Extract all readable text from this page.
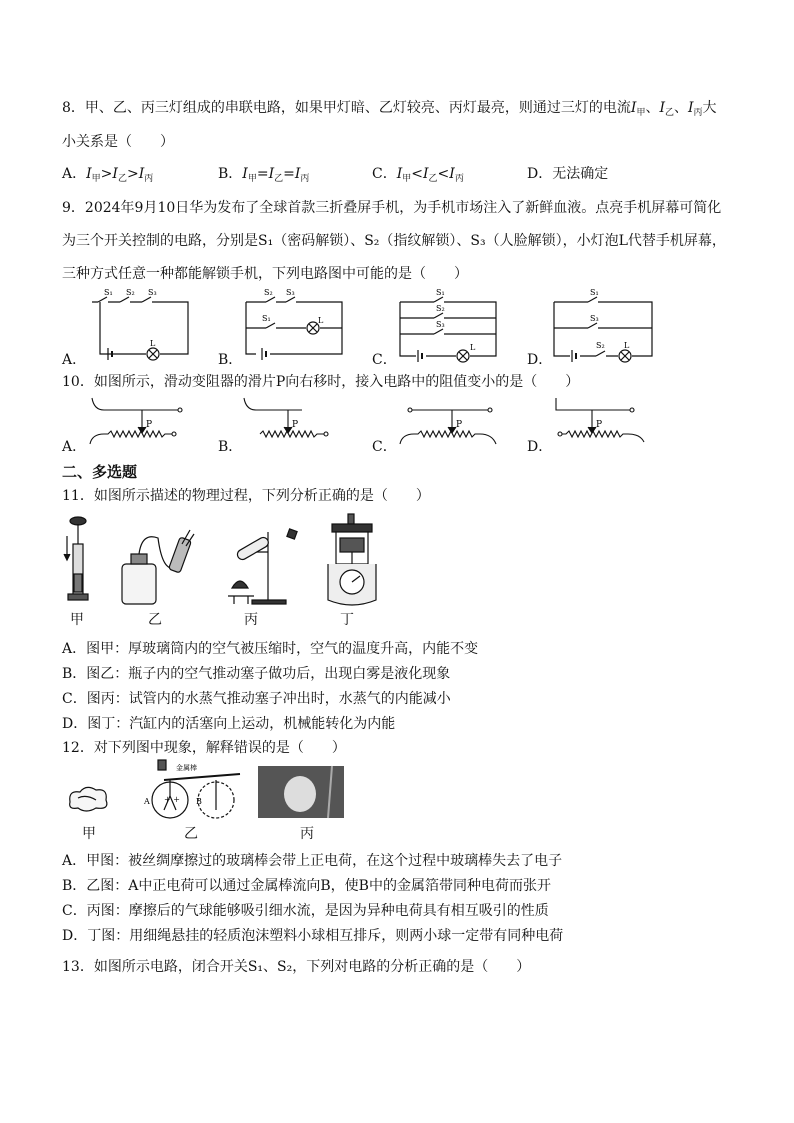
8．甲、乙、丙三灯组成的串联电路，如果甲灯暗、乙灯较亮、丙灯最亮，则通过三灯的电流$I_甲$、$I_乙$、$I_丙$大
小关系是（　　）
A．$I_甲>I_乙>I_丙$	B．$I_甲=I_乙=I_丙$	C．$I_甲<I_乙<I_丙$	D．无法确定
9．2024年9月10日华为发布了全球首款三折叠屏手机，为手机市场注入了新鲜血液。点亮手机屏幕可简化
为三个开关控制的电路，分别是S₁（密码解锁）、S₂（指纹解锁）、S₃（人脸解锁），小灯泡L代替手机屏幕，
三种方式任意一种都能解锁手机，下列电路图中可能的是（　　）
S₁ S₂ S₃
L
A．
S₂ S₃
S₁	L
B．
S₁
S₂
S₃
L
C．
S₁
S₃
S₂ L
D．
10．如图所示，滑动变阻器的滑片P向右移时，接入电路中的阻值变小的是（　　）
P
A．
P
B．
P
C．
P
D．
二、多选题
11．如图所示描述的物理过程，下列分析正确的是（　　）
甲	乙	丙	丁
A．图甲：厚玻璃筒内的空气被压缩时，空气的温度升高，内能不变
B．图乙：瓶子内的空气推动塞子做功后，出现白雾是液化现象
C．图丙：试管内的水蒸气推动塞子冲出时，水蒸气的内能减小
D．图丁：汽缸内的活塞向上运动，机械能转化为内能
12．对下列图中现象，解释错误的是（　　）
甲
+ +
金属棒
A	B
乙	丙
A．甲图：被丝绸摩擦过的玻璃棒会带上正电荷，在这个过程中玻璃棒失去了电子
B．乙图：A中正电荷可以通过金属棒流向B，使B中的金属箔带同种电荷而张开
C．丙图：摩擦后的气球能够吸引细水流，是因为异种电荷具有相互吸引的性质
D．丁图：用细绳悬挂的轻质泡沫塑料小球相互排斥，则两小球一定带有同种电荷
13．如图所示电路，闭合开关S₁、S₂，下列对电路的分析正确的是（　　）
